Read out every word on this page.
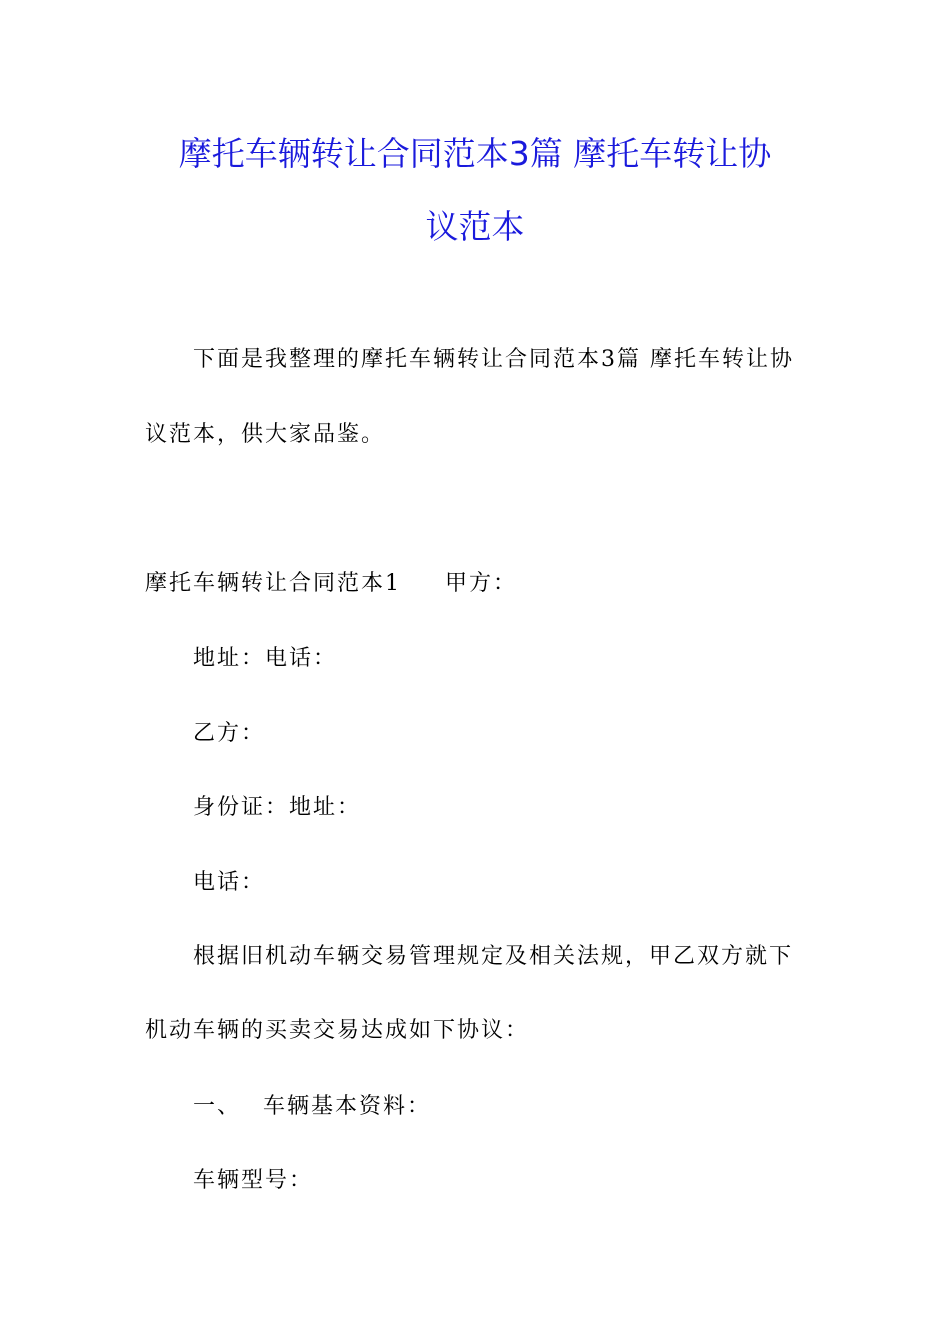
摩托车辆转让合同范本3篇 摩托车转让协
议范本

下面是我整理的摩托车辆转让合同范本3篇 摩托车转让协

议范本，供大家品鉴。

摩托车辆转让合同范本1 甲方：

地址：电话：

乙方：

身份证：地址：

电话：

根据旧机动车辆交易管理规定及相关法规，甲乙双方就下

机动车辆的买卖交易达成如下协议：

一、 车辆基本资料：

车辆型号：
